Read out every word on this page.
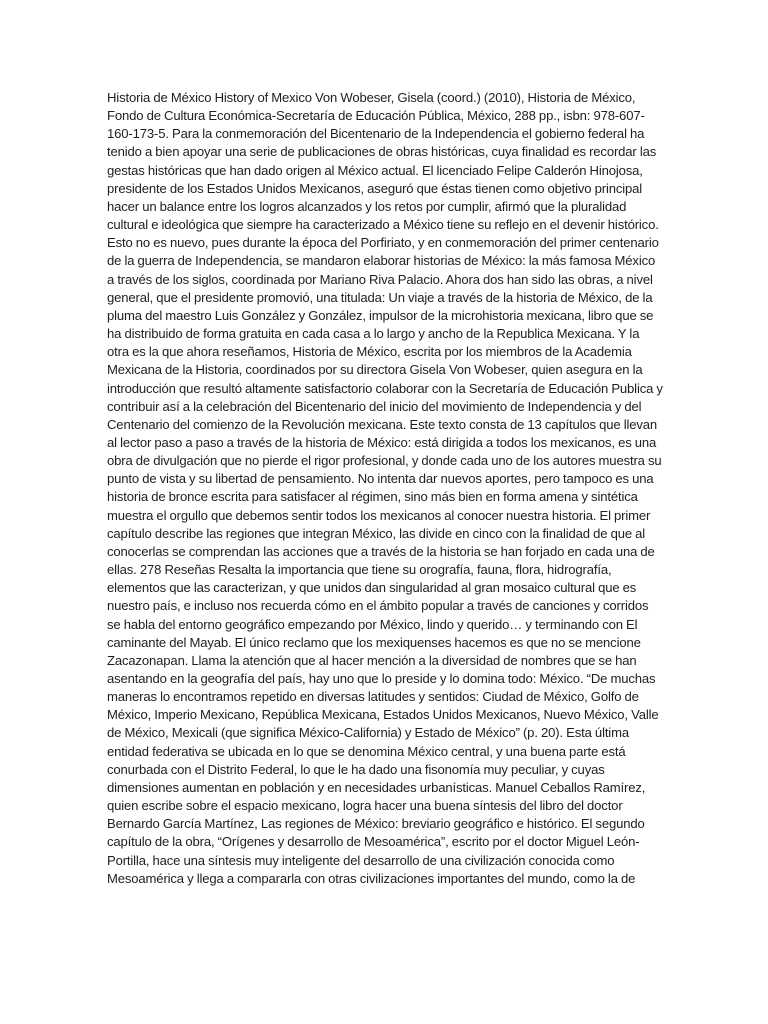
Historia de México History of Mexico Von Wobeser, Gisela (coord.) (2010), Historia de México, Fondo de Cultura Económica-Secretaría de Educación Pública, México, 288 pp., isbn: 978-607-160-173-5. Para la conmemoración del Bicentenario de la Independencia el gobierno federal ha tenido a bien apoyar una serie de publicaciones de obras históricas, cuya finalidad es recordar las gestas históricas que han dado origen al México actual. El licenciado Felipe Calderón Hinojosa, presidente de los Estados Unidos Mexicanos, aseguró que éstas tienen como objetivo principal hacer un balance entre los logros alcanzados y los retos por cumplir, afirmó que la pluralidad cultural e ideológica que siempre ha caracterizado a México tiene su reflejo en el devenir histórico. Esto no es nuevo, pues durante la época del Porfiriato, y en conmemoración del primer centenario de la guerra de Independencia, se mandaron elaborar historias de México: la más famosa México a través de los siglos, coordinada por Mariano Riva Palacio. Ahora dos han sido las obras, a nivel general, que el presidente promovió, una titulada: Un viaje a través de la historia de México, de la pluma del maestro Luis González y González, impulsor de la microhistoria mexicana, libro que se ha distribuido de forma gratuita en cada casa a lo largo y ancho de la Republica Mexicana. Y la otra es la que ahora reseñamos, Historia de México, escrita por los miembros de la Academia Mexicana de la Historia, coordinados por su directora Gisela Von Wobeser, quien asegura en la introducción que resultó altamente satisfactorio colaborar con la Secretaría de Educación Publica y contribuir así a la celebración del Bicentenario del inicio del movimiento de Independencia y del Centenario del comienzo de la Revolución mexicana. Este texto consta de 13 capítulos que llevan al lector paso a paso a través de la historia de México: está dirigida a todos los mexicanos, es una obra de divulgación que no pierde el rigor profesional, y donde cada uno de los autores muestra su punto de vista y su libertad de pensamiento. No intenta dar nuevos aportes, pero tampoco es una historia de bronce escrita para satisfacer al régimen, sino más bien en forma amena y sintética muestra el orgullo que debemos sentir todos los mexicanos al conocer nuestra historia. El primer capítulo describe las regiones que integran México, las divide en cinco con la finalidad de que al conocerlas se comprendan las acciones que a través de la historia se han forjado en cada una de ellas. 278 Reseñas Resalta la importancia que tiene su orografía, fauna, flora, hidrografía, elementos que las caracterizan, y que unidos dan singularidad al gran mosaico cultural que es nuestro país, e incluso nos recuerda cómo en el ámbito popular a través de canciones y corridos se habla del entorno geográfico empezando por México, lindo y querido… y terminando con El caminante del Mayab. El único reclamo que los mexiquenses hacemos es que no se mencione Zacazonapan. Llama la atención que al hacer mención a la diversidad de nombres que se han asentando en la geografía del país, hay uno que lo preside y lo domina todo: México. “De muchas maneras lo encontramos repetido en diversas latitudes y sentidos: Ciudad de México, Golfo de México, Imperio Mexicano, República Mexicana, Estados Unidos Mexicanos, Nuevo México, Valle de México, Mexicali (que significa México-California) y Estado de México” (p. 20). Esta última entidad federativa se ubicada en lo que se denomina México central, y una buena parte está conurbada con el Distrito Federal, lo que le ha dado una fisonomía muy peculiar, y cuyas dimensiones aumentan en población y en necesidades urbanísticas. Manuel Ceballos Ramírez, quien escribe sobre el espacio mexicano, logra hacer una buena síntesis del libro del doctor Bernardo García Martínez, Las regiones de México: breviario geográfico e histórico. El segundo capítulo de la obra, “Orígenes y desarrollo de Mesoamérica”, escrito por el doctor Miguel León-Portilla, hace una síntesis muy inteligente del desarrollo de una civilización conocida como Mesoamérica y llega a compararla con otras civilizaciones importantes del mundo, como la de
